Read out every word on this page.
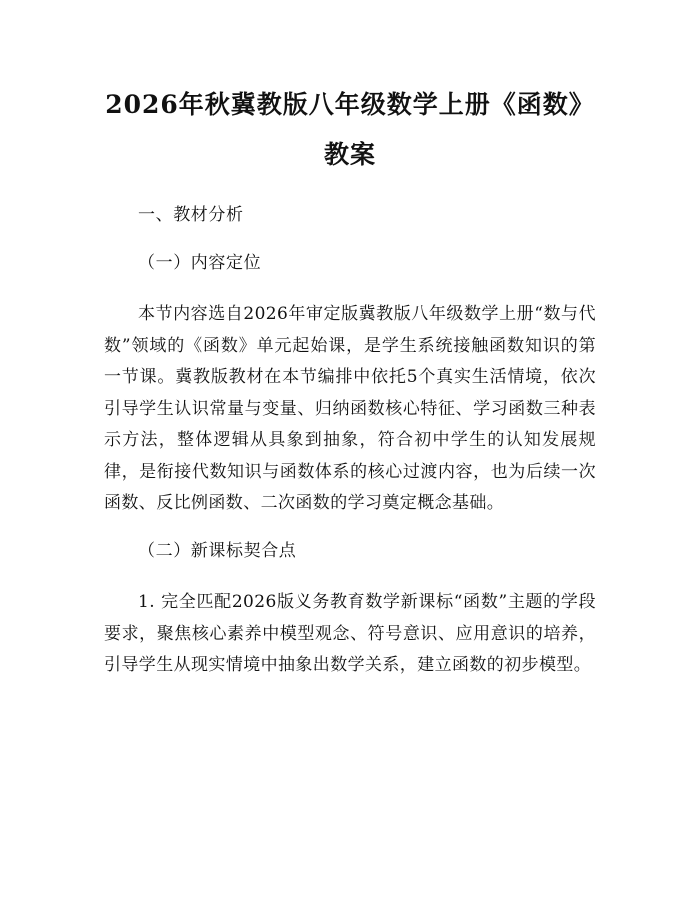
2026年秋冀教版八年级数学上册《函数》教案
一、教材分析
（一）内容定位
本节内容选自2026年审定版冀教版八年级数学上册“数与代数”领域的《函数》单元起始课，是学生系统接触函数知识的第一节课。冀教版教材在本节编排中依托5个真实生活情境，依次引导学生认识常量与变量、归纳函数核心特征、学习函数三种表示方法，整体逻辑从具象到抽象，符合初中学生的认知发展规律，是衔接代数知识与函数体系的核心过渡内容，也为后续一次函数、反比例函数、二次函数的学习奠定概念基础。
（二）新课标契合点
1. 完全匹配2026版义务教育数学新课标“函数”主题的学段要求，聚焦核心素养中模型观念、符号意识、应用意识的培养，引导学生从现实情境中抽象出数学关系，建立函数的初步模型。
